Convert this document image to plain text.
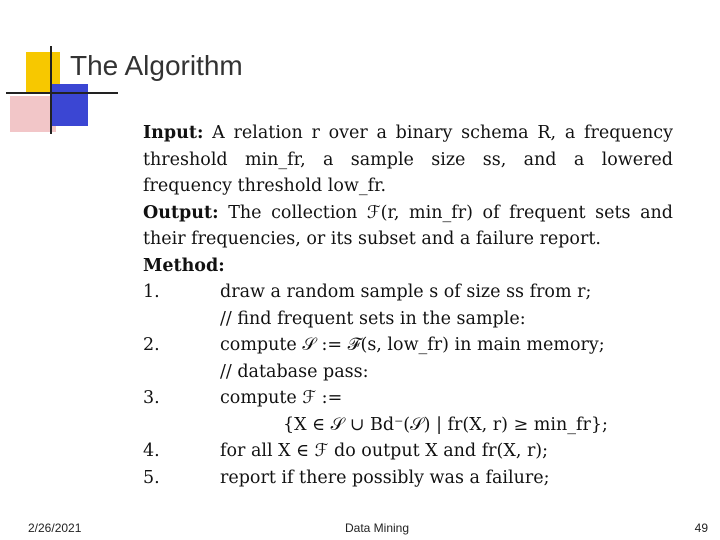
The Algorithm
Input: A relation r over a binary schema R, a frequency threshold min_fr, a sample size ss, and a lowered frequency threshold low_fr.
Output: The collection ℱ(r, min_fr) of frequent sets and their frequencies, or its subset and a failure report.
Method:
1.	draw a random sample s of size ss from r;
// find frequent sets in the sample:
2.	compute 𝒮 := ℱ(s, low_fr) in main memory;
// database pass:
3.	compute ℱ :=
{X ∈ 𝒮 ∪ Bd⁻(𝒮) | fr(X, r) ≥ min_fr};
4.	for all X ∈ ℱ do output X and fr(X, r);
5.	report if there possibly was a failure;
2/26/2021	Data Mining	49
